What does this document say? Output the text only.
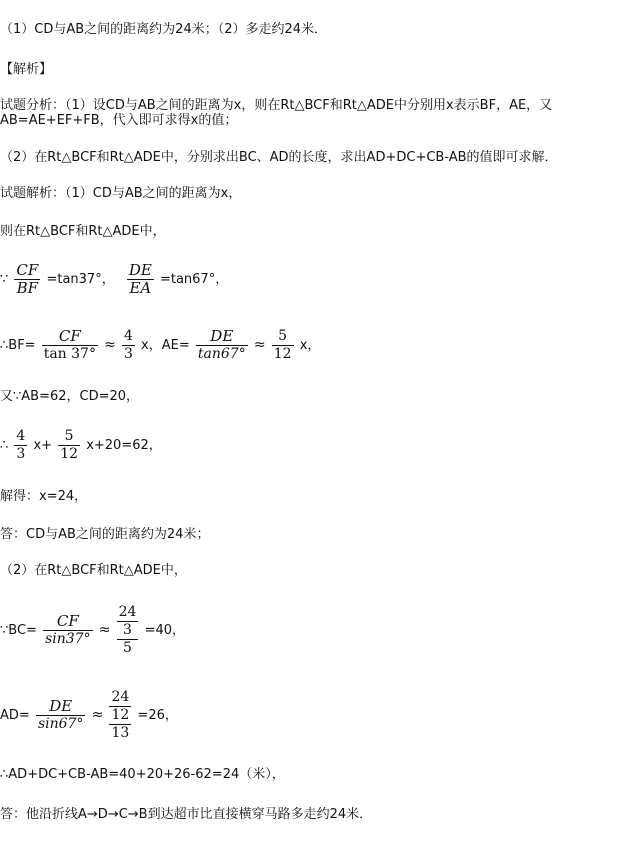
（1）CD与AB之间的距离约为24米；（2）多走约24米．
【解析】
试题分析：（1）设CD与AB之间的距离为x，则在Rt△BCF和Rt△ADE中分别用x表示BF，AE，又
AB=AE+EF+FB，代入即可求得x的值；
（2）在Rt△BCF和Rt△ADE中，分别求出BC、AD的长度，求出AD+DC+CB-AB的值即可求解．
试题解析：（1）CD与AB之间的距离为x，
则在Rt△BCF和Rt△ADE中，
∵ $\frac{CF}{BF} =\tan 37^\circ$， $\frac{DE}{EA} =\tan 67^\circ$，
∴BF= $\frac{CF}{\tan 37^\circ} \approx \frac{4}{3}$ x，$AE= \frac{DE}{\tan 67^\circ} \approx \frac{5}{12}$ x，
又∵AB=62，CD=20，
∴ $\frac{4}{3} x+ \frac{5}{12} x+20=62$，
解得：x=24，
答：CD与AB之间的距离约为24米；
（2）在Rt△BCF和Rt△ADE中，
∵BC= $\frac{CF}{\sin 37^\circ}$ ≈
24
3
5
=40，
$AD= \frac{DE}{\sin 67^\circ}$ ≈
24
12
13
=26，
∴AD+DC+CB-AB=40+20+26-62=24（米），
答：他沿折线A→D→C→B到达超市比直接横穿马路多走约24米．
